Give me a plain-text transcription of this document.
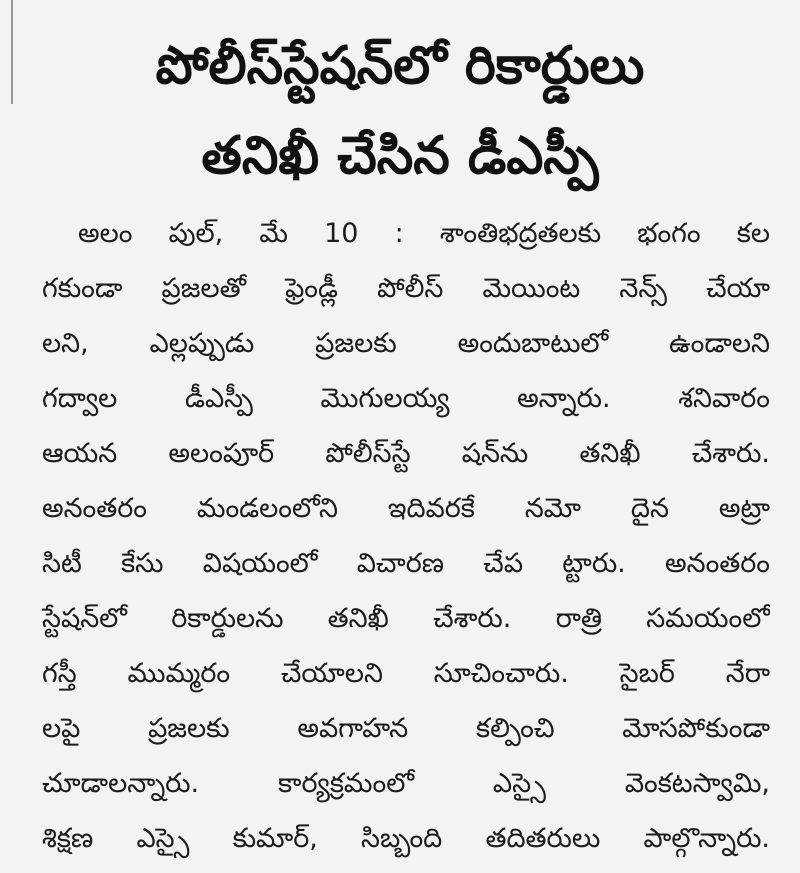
పోలీస్‌స్టేషన్‌లో రికార్డులు
తనిఖీ చేసిన డీఎస్పీ
అలం పుల్, మే 10 : శాంతిభద్రతలకు భంగం కల
గకుండా ప్రజలతో ఫ్రెండ్లీ పోలీస్ మెయింట నెన్స్ చేయా
లని, ఎల్లప్పుడు ప్రజలకు అందుబాటులో ఉండాలని
గద్వాల డీఎస్పీ మొగులయ్య అన్నారు. శనివారం
ఆయన అలంపూర్ పోలీస్‌స్టే షన్‌ను తనిఖీ చేశారు.
అనంతరం మండలంలోని ఇదివరకే నమో దైన అట్రా
సిటీ కేసు విషయంలో విచారణ చేప ట్టారు. అనంతరం
స్టేషన్‌లో రికార్డులను తనిఖీ చేశారు. రాత్రి సమయంలో
గస్తీ ముమ్మరం చేయాలని సూచించారు. సైబర్ నేరా
లపై ప్రజలకు అవగాహన కల్పించి మోసపోకుండా
చూడాలన్నారు. కార్యక్రమంలో ఎస్సై వెంకటస్వామి,
శిక్షణ ఎస్సై కుమార్, సిబ్బంది తదితరులు పాల్గొన్నారు.
